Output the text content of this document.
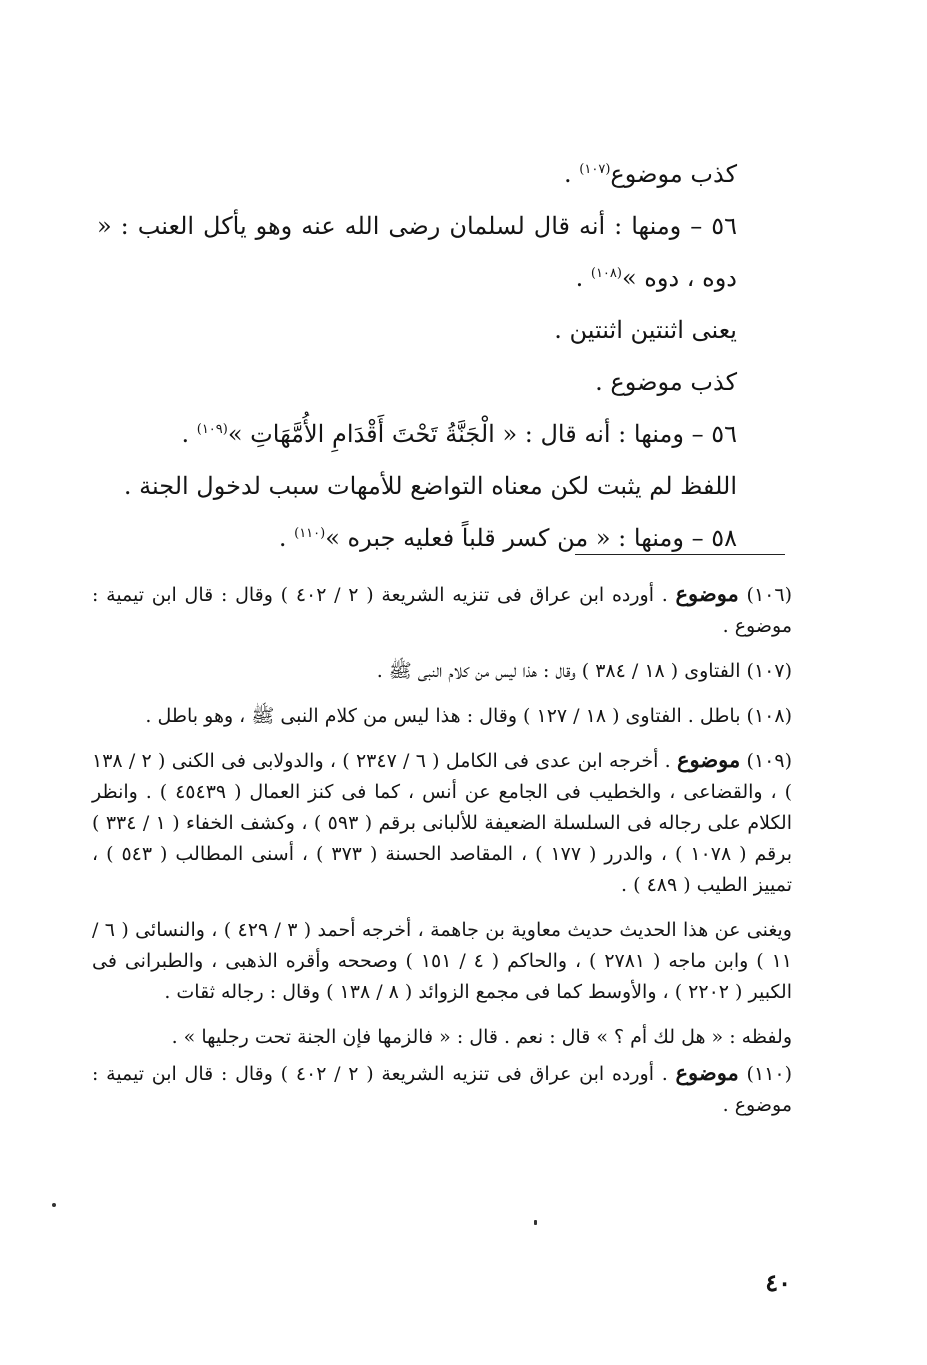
كذب موضوع$^{(١٠٧)}$ .

٥٦ – ومنها : أنه قال لسلمان رضى الله عنه وهو يأكل العنب : « دوه ، دوه »$^{(١٠٨)}$ .

يعنى اثنتين اثنتين .

كذب موضوع .

٥٦ – ومنها : أنه قال : « الْجَنَّةُ تَحْتَ أَقْدَامِ الأُمَّهَاتِ »$^{(١٠٩)}$ .

اللفظ لم يثبت لكن معناه التواضع للأمهات سبب لدخول الجنة .

٥٨ – ومنها : « من كسر قلباً فعليه جبره »$^{(١١٠)}$ .

(١٠٦) موضوع . أورده ابن عراق فى تنزيه الشريعة ( ٢ / ٤٠٢ ) وقال : قال ابن تيمية : موضوع .

(١٠٧) الفتاوى ( ١٨ / ٣٨٤ ) وقال : هذا ليس من كلام النبى ﷺ .

(١٠٨) باطل . الفتاوى ( ١٨ / ١٢٧ ) وقال : هذا ليس من كلام النبى ﷺ ، وهو باطل .

(١٠٩) موضوع . أخرجه ابن عدى فى الكامل ( ٦ / ٢٣٤٧ ) ، والدولابى فى الكنى ( ٢ / ١٣٨ ) ، والقضاعى ، والخطيب فى الجامع عن أنس ، كما فى كنز العمال ( ٤٥٤٣٩ ) . وانظر الكلام على رجاله فى السلسلة الضعيفة للألبانى برقم ( ٥٩٣ ) ، وكشف الخفاء ( ١ / ٣٣٤ ) برقم ( ١٠٧٨ ) ، والدرر ( ١٧٧ ) ، المقاصد الحسنة ( ٣٧٣ ) ، أسنى المطالب ( ٥٤٣ ) ، تمييز الطيب ( ٤٨٩ ) .

ويغنى عن هذا الحديث حديث معاوية بن جاهمة ، أخرجه أحمد ( ٣ / ٤٢٩ ) ، والنسائى ( ٦ / ١١ ) وابن ماجه ( ٢٧٨١ ) ، والحاكم ( ٤ / ١٥١ ) وصححه وأقره الذهبى ، والطبرانى فى الكبير ( ٢٢٠٢ ) ، والأوسط كما فى مجمع الزوائد ( ٨ / ١٣٨ ) وقال : رجاله ثقات .

ولفظه : « هل لك أم ؟ » قال : نعم . قال : « فالزمها فإن الجنة تحت رجليها » .

(١١٠) موضوع . أورده ابن عراق فى تنزيه الشريعة ( ٢ / ٤٠٢ ) وقال : قال ابن تيمية : موضوع .

٤٠
